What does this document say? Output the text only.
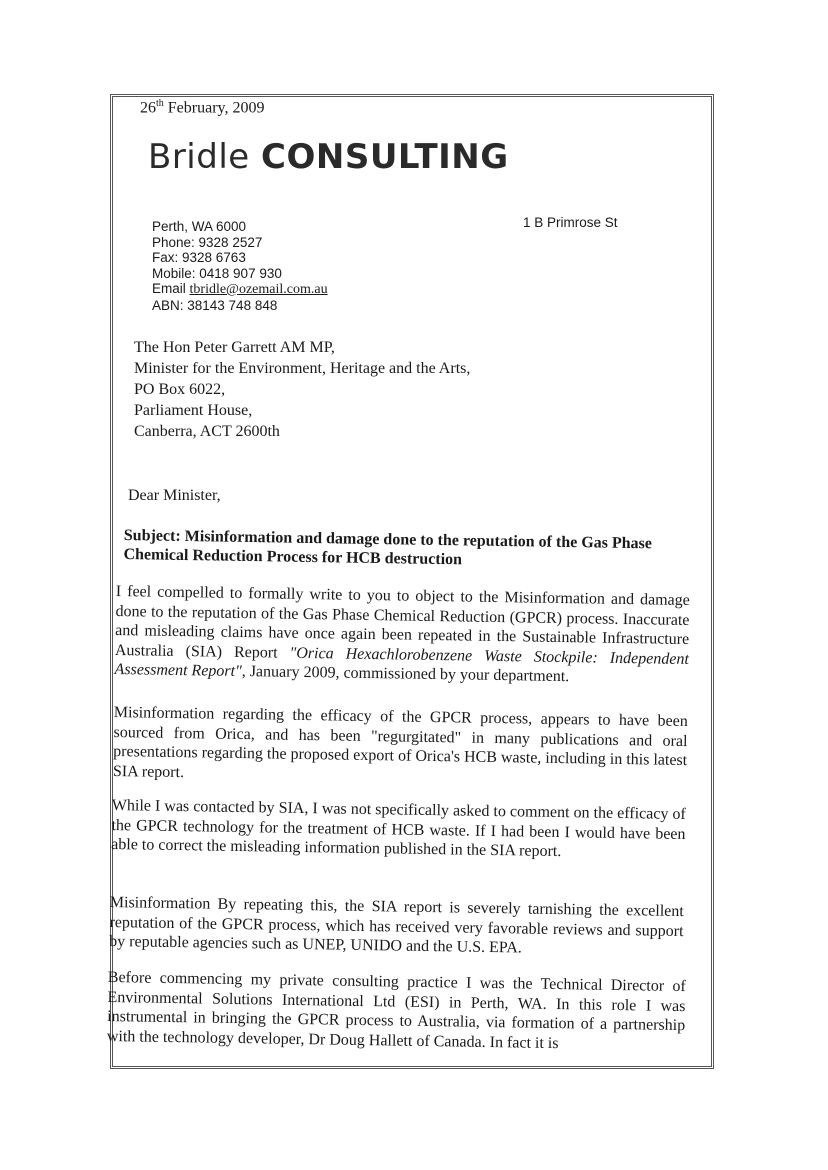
26th February, 2009
Bridle CONSULTING
Perth, WA 6000
Phone: 9328 2527
Fax: 9328 6763
Mobile: 0418 907 930
Email tbridle@ozemail.com.au
ABN: 38143 748 848
1 B Primrose St
The Hon Peter Garrett AM MP,
Minister for the Environment, Heritage and the Arts,
PO Box 6022,
Parliament House,
Canberra, ACT 2600th
Dear Minister,
Subject: Misinformation and damage done to the reputation of the Gas Phase Chemical Reduction Process for HCB destruction
I feel compelled to formally write to you to object to the Misinformation and damage done to the reputation of the Gas Phase Chemical Reduction (GPCR) process. Inaccurate and misleading claims have once again been repeated in the Sustainable Infrastructure Australia (SIA) Report "Orica Hexachlorobenzene Waste Stockpile: Independent Assessment Report", January 2009, commissioned by your department.
Misinformation regarding the efficacy of the GPCR process, appears to have been sourced from Orica, and has been "regurgitated" in many publications and oral presentations regarding the proposed export of Orica's HCB waste, including in this latest SIA report.
While I was contacted by SIA, I was not specifically asked to comment on the efficacy of the GPCR technology for the treatment of HCB waste. If I had been I would have been able to correct the misleading information published in the SIA report.
Misinformation By repeating this, the SIA report is severely tarnishing the excellent reputation of the GPCR process, which has received very favorable reviews and support by reputable agencies such as UNEP, UNIDO and the U.S. EPA.
Before commencing my private consulting practice I was the Technical Director of Environmental Solutions International Ltd (ESI) in Perth, WA. In this role I was instrumental in bringing the GPCR process to Australia, via formation of a partnership with the technology developer, Dr Doug Hallett of Canada. In fact it is
